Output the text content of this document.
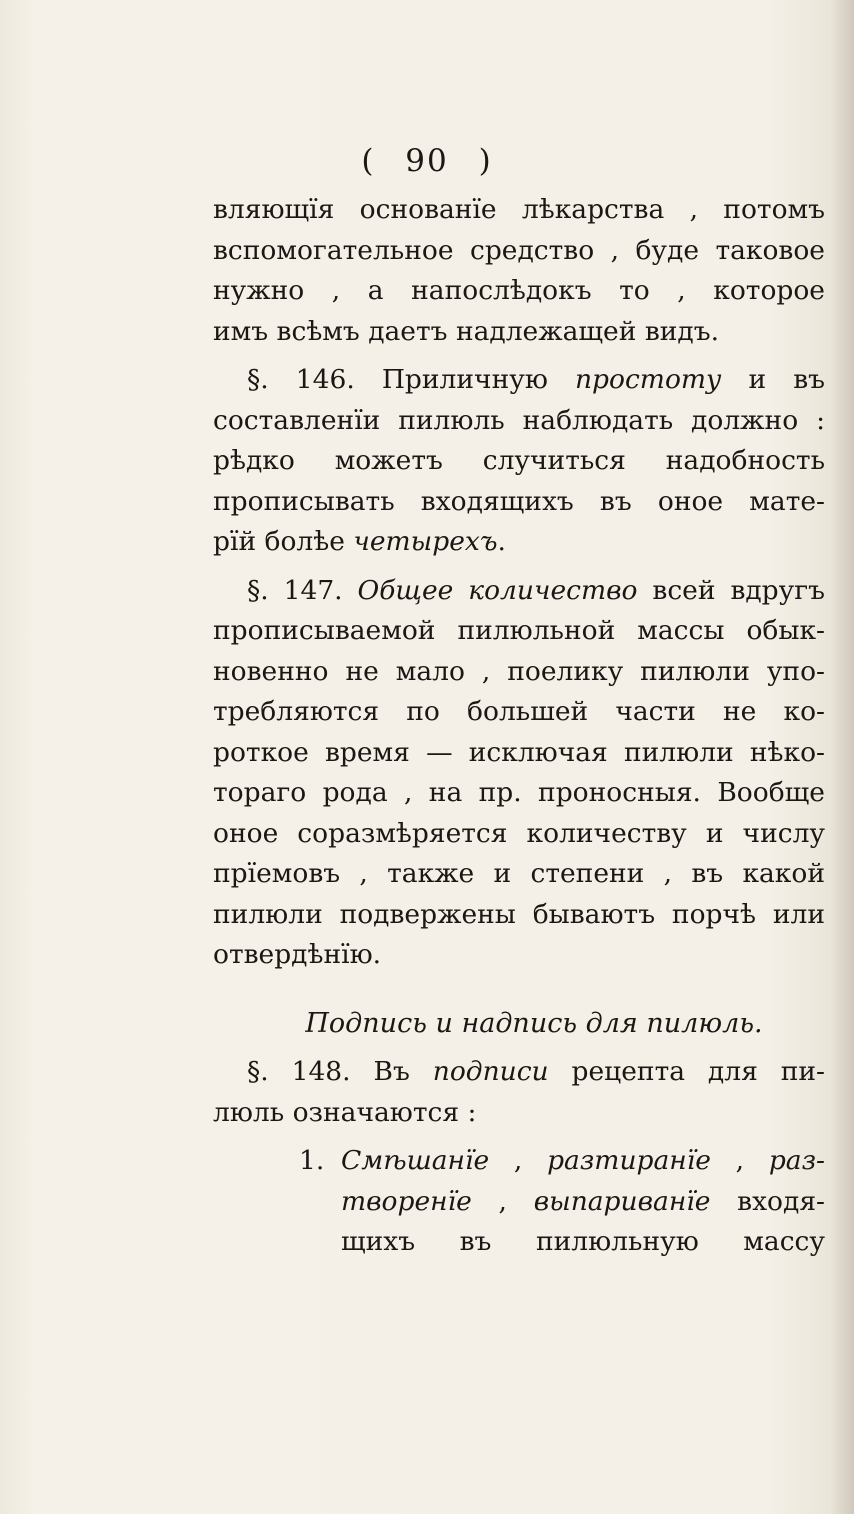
( 90 )
вляющїя основанїе лѣкарства , потомъ
вспомогательное средство , буде таковое
нужно , а напослѣдокъ то , которое
имъ всѣмъ даетъ надлежащей видъ.
§. 146. Приличную простоту и въ
составленїи пилюль наблюдать должно :
рѣдко можетъ случиться надобность
прописывать входящихъ въ оное мате-
рїй болѣе четырехъ.
§. 147. Общее количество всей вдругъ
прописываемой пилюльной массы обык-
новенно не мало , поелику пилюли упо-
требляются по большей части не ко-
роткое время — исключая пилюли нѣко-
тораго рода , на пр. проносныя. Вообще
оное соразмѣряется количеству и числу
прїемовъ , также и степени , въ какой
пилюли подвержены бываютъ порчѣ или
отвердѣнїю.
Подпись и надпись для пилюль.
§. 148. Въ подписи рецепта для пи-
люль означаются :
1. Смѣшанїе , разтиранїе , раз-
творенїе , выпариванїе входя-
щихъ въ пилюльную массу
